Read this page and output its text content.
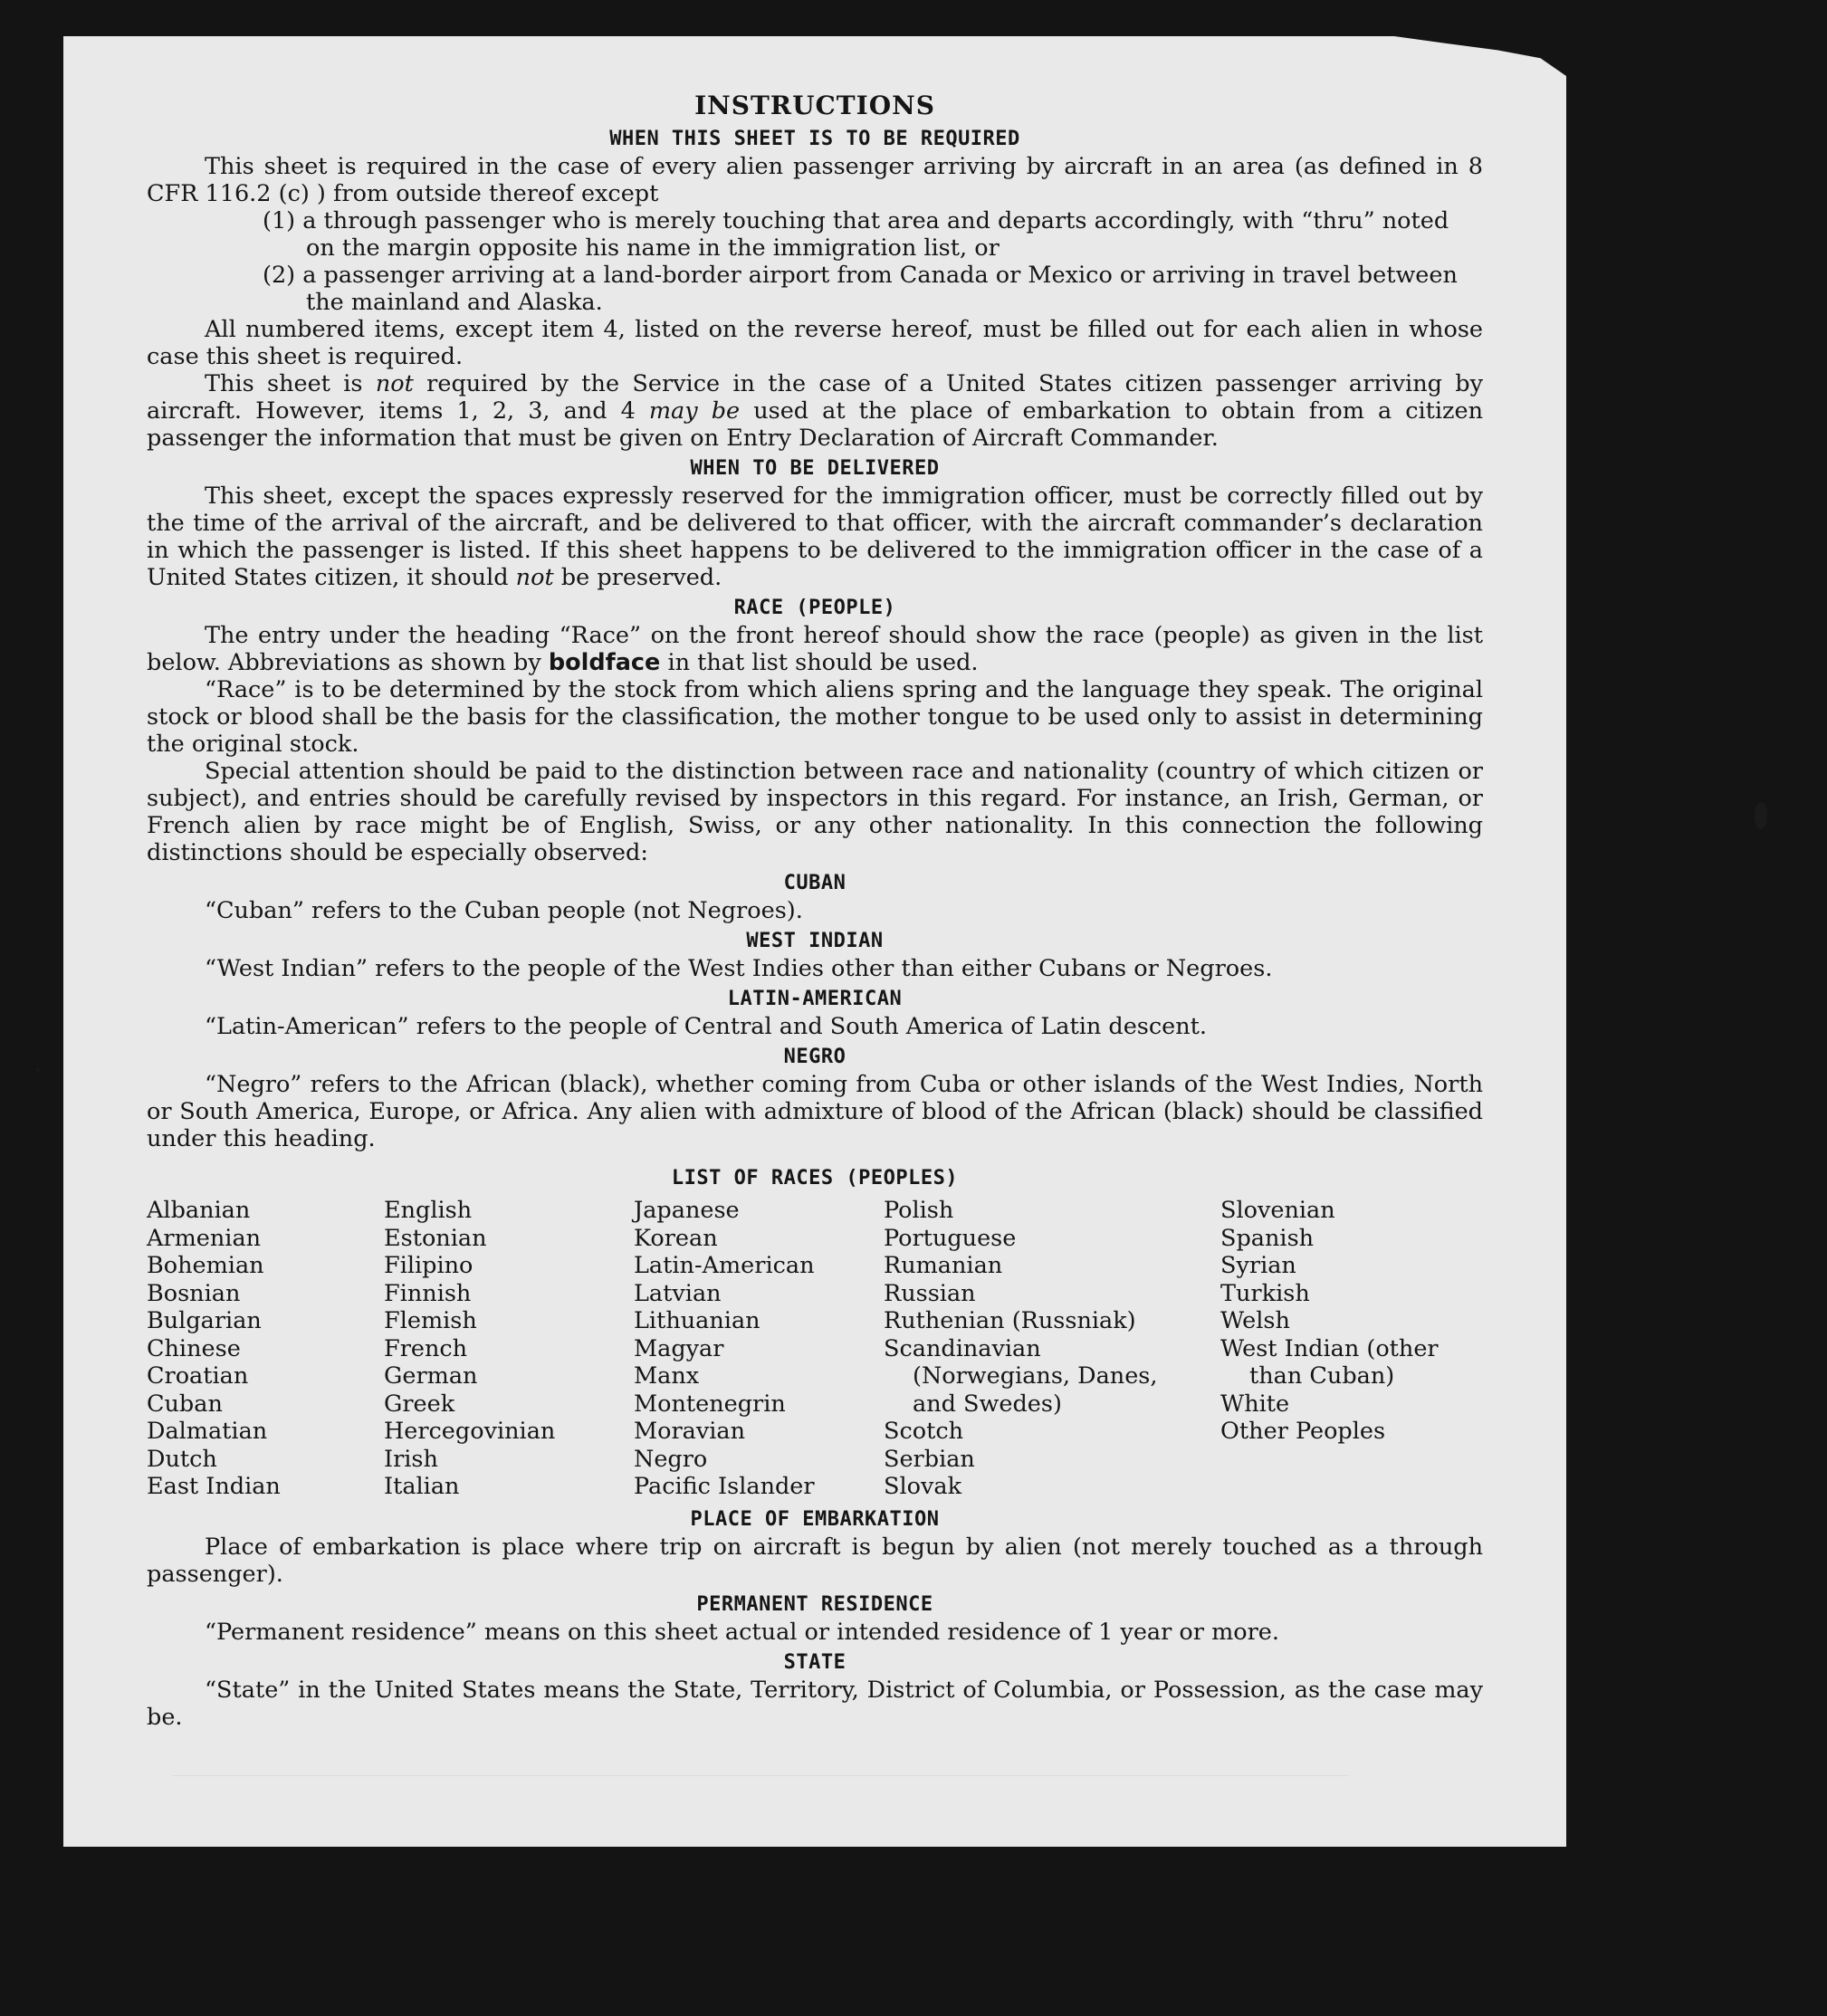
INSTRUCTIONS
WHEN THIS SHEET IS TO BE REQUIRED

This sheet is required in the case of every alien passenger arriving by aircraft in an area (as defined in 8 CFR 116.2 (c) ) from outside thereof except

(1) a through passenger who is merely touching that area and departs accordingly, with “thru” noted on the margin opposite his name in the immigration list, or

(2) a passenger arriving at a land-border airport from Canada or Mexico or arriving in travel between the mainland and Alaska.

All numbered items, except item 4, listed on the reverse hereof, must be filled out for each alien in whose case this sheet is required.

This sheet is not required by the Service in the case of a United States citizen passenger arriving by aircraft. However, items 1, 2, 3, and 4 may be used at the place of embarkation to obtain from a citizen passenger the information that must be given on Entry Declaration of Aircraft Commander.

WHEN TO BE DELIVERED

This sheet, except the spaces expressly reserved for the immigration officer, must be correctly filled out by the time of the arrival of the aircraft, and be delivered to that officer, with the aircraft commander’s declaration in which the passenger is listed. If this sheet happens to be delivered to the immigration officer in the case of a United States citizen, it should not be preserved.

RACE (PEOPLE)

The entry under the heading “Race” on the front hereof should show the race (people) as given in the list below. Abbreviations as shown by boldface in that list should be used.

“Race” is to be determined by the stock from which aliens spring and the language they speak. The original stock or blood shall be the basis for the classification, the mother tongue to be used only to assist in determining the original stock.

Special attention should be paid to the distinction between race and nationality (country of which citizen or subject), and entries should be carefully revised by inspectors in this regard. For instance, an Irish, German, or French alien by race might be of English, Swiss, or any other nationality. In this connection the following distinctions should be especially observed:

CUBAN

“Cuban” refers to the Cuban people (not Negroes).

WEST INDIAN

“West Indian” refers to the people of the West Indies other than either Cubans or Negroes.

LATIN-AMERICAN

“Latin-American” refers to the people of Central and South America of Latin descent.

NEGRO

“Negro” refers to the African (black), whether coming from Cuba or other islands of the West Indies, North or South America, Europe, or Africa. Any alien with admixture of blood of the African (black) should be classified under this heading.

LIST OF RACES (PEOPLES)
Albanian
Armenian
Bohemian
Bosnian
Bulgarian
Chinese
Croatian
Cuban
Dalmatian
Dutch
East Indian
English
Estonian
Filipino
Finnish
Flemish
French
German
Greek
Hercegovinian
Irish
Italian
Japanese
Korean
Latin-American
Latvian
Lithuanian
Magyar
Manx
Montenegrin
Moravian
Negro
Pacific Islander
Polish
Portuguese
Rumanian
Russian
Ruthenian (Russniak)
Scandinavian (Norwegians, Danes, and Swedes)
Scotch
Serbian
Slovak
Slovenian
Spanish
Syrian
Turkish
Welsh
West Indian (other than Cuban)
White
Other Peoples
PLACE OF EMBARKATION

Place of embarkation is place where trip on aircraft is begun by alien (not merely touched as a through passenger).

PERMANENT RESIDENCE

“Permanent residence” means on this sheet actual or intended residence of 1 year or more.

STATE

“State” in the United States means the State, Territory, District of Columbia, or Possession, as the case may be.
